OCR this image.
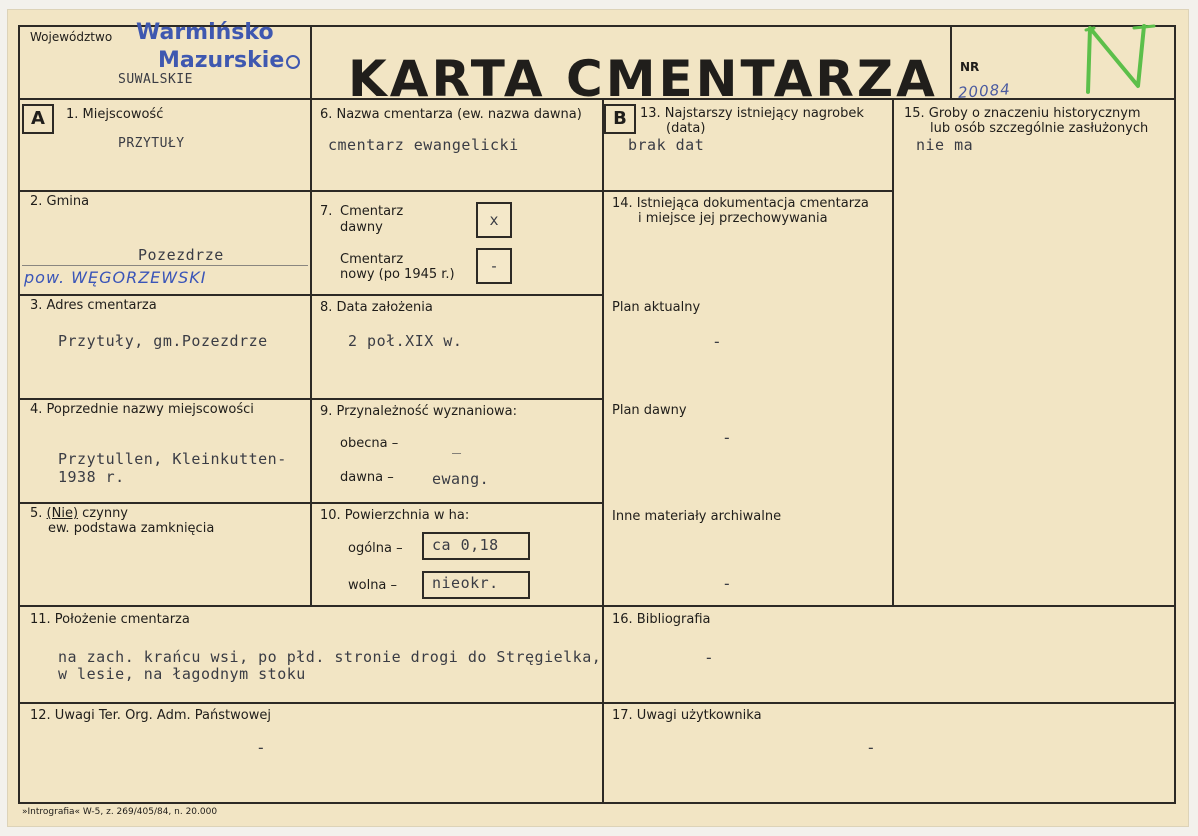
Województwo Warmińsko
Mazurskie
SUWALSKIE	KARTA CMENTARZA NR
20084
A	B
1. Miejscowość
PRZYTUŁY
2. Gmina
Pozezdrze
pow. WĘGORZEWSKI
3. Adres cmentarza
Przytuły, gm.Pozezdrze
4. Poprzednie nazwy miejscowości
Przytullen, Kleinkutten-
1938 r.
5. (Nie) czynny
ew. podstawa zamknięcia
6. Nazwa cmentarza (ew. nazwa dawna)
cmentarz ewangelicki
7. Cmentarz
dawny	x
Cmentarz
nowy (po 1945 r.)	-
8. Data założenia
2 poł.XIX w.
9. Przynależność wyznaniowa:
obecna –	_
dawna –	ewang.
10. Powierzchnia w ha:
ogólna – ca 0,18
wolna – nieokr.
13. Najstarszy istniejący nagrobek
(data)
brak dat
14. Istniejąca dokumentacja cmentarza
i miejsce jej przechowywania
Plan aktualny
-
Plan dawny
-
Inne materiały archiwalne
-
15. Groby o znaczeniu historycznym
lub osób szczególnie zasłużonych
nie ma
11. Położenie cmentarza
na zach. krańcu wsi, po płd. stronie drogi do Stręgielka,
w lesie, na łagodnym stoku
16. Bibliografia
-
12. Uwagi Ter. Org. Adm. Państwowej
-
17. Uwagi użytkownika
-
»Intrografia« W-5, z. 269/405/84, n. 20.000
